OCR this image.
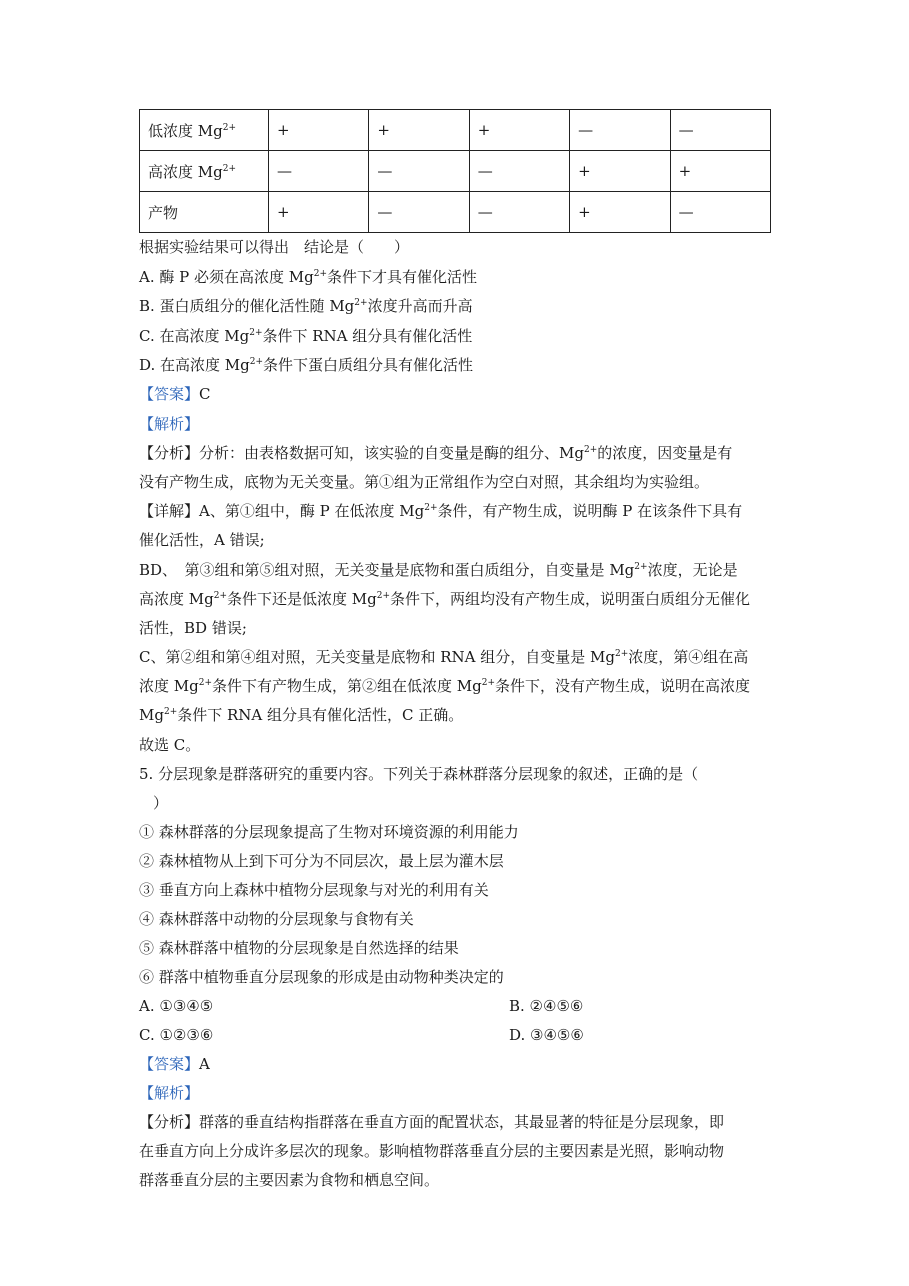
低浓度 $Mg^{2+}$	+	+	+	—	—
高浓度 $Mg^{2+}$	—	—	—	+	+
产物	+	—	—	+	—
根据实验结果可以得出　结论是（　　）
A. 酶 P 必须在高浓度 $Mg^{2+}$条件下才具有催化活性
B. 蛋白质组分的催化活性随 $Mg^{2+}$浓度升高而升高
C. 在高浓度 $Mg^{2+}$条件下 RNA 组分具有催化活性
D. 在高浓度 $Mg^{2+}$条件下蛋白质组分具有催化活性
【答案】C
【解析】
【分析】分析：由表格数据可知，该实验的自变量是酶的组分、$Mg^{2+}$的浓度，因变量是有
没有产物生成，底物为无关变量。第①组为正常组作为空白对照，其余组均为实验组。
【详解】A、第①组中，酶 P 在低浓度 $Mg^{2+}$条件，有产物生成，说明酶 P 在该条件下具有
催化活性，A 错误;
BD、　第③组和第⑤组对照，无关变量是底物和蛋白质组分，自变量是 $Mg^{2+}$浓度，无论是
高浓度 $Mg^{2+}$条件下还是低浓度 $Mg^{2+}$条件下，两组均没有产物生成，说明蛋白质组分无催化
活性，BD 错误;
C、第②组和第④组对照，无关变量是底物和 RNA 组分，自变量是 $Mg^{2+}$浓度，第④组在高
浓度 $Mg^{2+}$条件下有产物生成，第②组在低浓度 $Mg^{2+}$条件下，没有产物生成，说明在高浓度
$Mg^{2+}$条件下 RNA 组分具有催化活性，C 正确。
故选 C。
5. 分层现象是群落研究的重要内容。下列关于森林群落分层现象的叙述，正确的是（
）
① 森林群落的分层现象提高了生物对环境资源的利用能力
② 森林植物从上到下可分为不同层次，最上层为灌木层
③ 垂直方向上森林中植物分层现象与对光的利用有关
④ 森林群落中动物的分层现象与食物有关
⑤ 森林群落中植物的分层现象是自然选择的结果
⑥ 群落中植物垂直分层现象的形成是由动物种类决定的
A. ①③④⑤	B. ②④⑤⑥
C. ①②③⑥	D. ③④⑤⑥
【答案】A
【解析】
【分析】群落的垂直结构指群落在垂直方面的配置状态，其最显著的特征是分层现象，即
在垂直方向上分成许多层次的现象。影响植物群落垂直分层的主要因素是光照，影响动物
群落垂直分层的主要因素为食物和栖息空间。
